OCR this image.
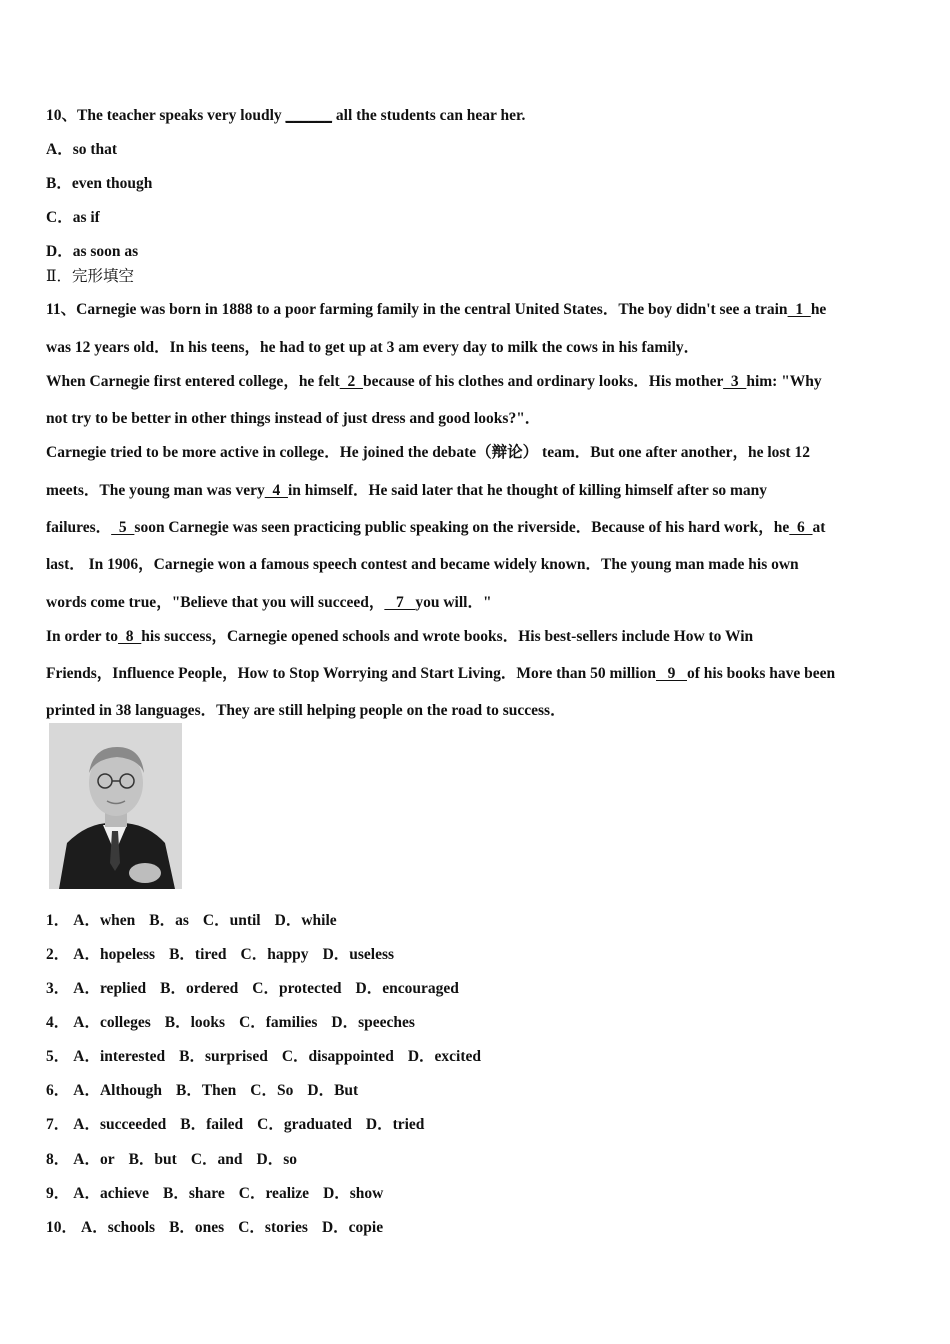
10、The teacher speaks very loudly ______ all the students can hear her.
A．so that
B．even though
C．as if
D．as soon as
Ⅱ．完形填空
11、Carnegie was born in 1888 to a poor farming family in the central United States．The boy didn't see a train  1  he
was 12 years old．In his teens，he had to get up at 3 am every day to milk the cows in his family．
When Carnegie first entered college，he felt  2  because of his clothes and ordinary looks．His mother  3  him: "Why
not try to be better in other things instead of just dress and good looks?"．
Carnegie tried to be more active in college．He joined the debate（辩论） team．But one after another，he lost 12
meets．The young man was very  4  in himself．He said later that he thought of killing himself after so many
failures．  5  soon Carnegie was seen practicing public speaking on the riverside．Because of his hard work，he  6  at
last． In 1906，Carnegie won a famous speech contest and became widely known．The young man made his own
words come true，"Believe that you will succeed，   7   you will．"
In order to  8  his success，Carnegie opened schools and wrote books．His best-sellers include How to Win
Friends，Influence People，How to Stop Worrying and Start Living．More than 50 million   9   of his books have been
printed in 38 languages．They are still helping people on the road to success．
1． A．when B．as C．until D．while
2． A．hopeless B．tired C．happy D．useless
3． A．replied B．ordered C．protected D．encouraged
4． A．colleges B．looks C．families D．speeches
5． A．interested B．surprised C．disappointed D．excited
6． A．Although B．Then C．So D．But
7． A．succeeded B．failed C．graduated D．tried
8． A．or B．but C．and D．so
9． A．achieve B．share C．realize D．show
10． A．schools B．ones C．stories D．copie
